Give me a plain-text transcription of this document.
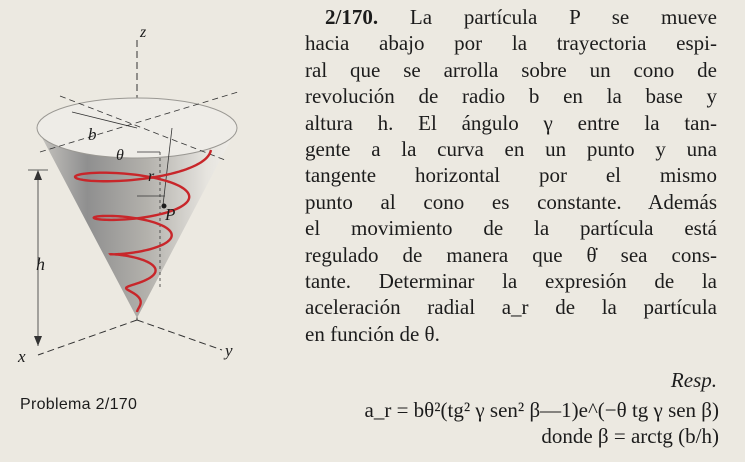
z
b
θ
r
P
h
x	y
Problema 2/170
2/170. La partícula P se mueve
hacia abajo por la trayectoria espi-
ral que se arrolla sobre un cono de
revolución de radio b en la base y
altura h. El ángulo γ entre la tan-
gente a la curva en un punto y una
tangente horizontal por el mismo
punto al cono es constante. Además
el movimiento de la partícula está
regulado de manera que θ̇ sea cons-
tante. Determinar la expresión de la
aceleración radial a_r de la partícula
en función de θ.
Resp.
a_r = bθ²(tg² γ sen² β—1)e^(−θ tg γ sen β)
donde β = arctg (b/h)
